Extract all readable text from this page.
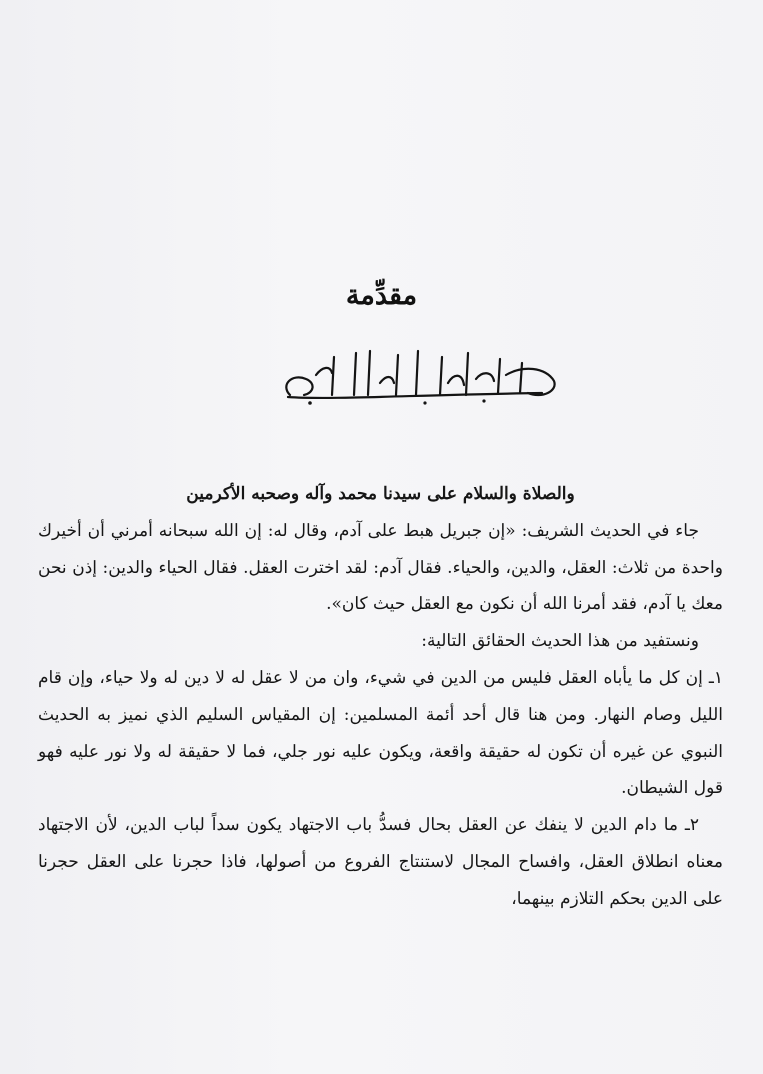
مقدِّمة

والصلاة والسلام على سيدنا محمد وآله وصحبه الأكرمين

جاء في الحديث الشريف: «إن جبريل هبط على آدم، وقال له: إن الله سبحانه أمرني أن أخيرك واحدة من ثلاث: العقل، والدين، والحياء. فقال آدم: لقد اخترت العقل. فقال الحياء والدين: إذن نحن معك يا آدم، فقد أمرنا الله أن نكون مع العقل حيث كان».

ونستفيد من هذا الحديث الحقائق التالية:

١ـ إن كل ما يأباه العقل فليس من الدين في شيء، وان من لا عقل له لا دين له ولا حياء، وإن قام الليل وصام النهار. ومن هنا قال أحد أئمة المسلمين: إن المقياس السليم الذي نميز به الحديث النبوي عن غيره أن تكون له حقيقة واقعة، ويكون عليه نور جلي، فما لا حقيقة له ولا نور عليه فهو قول الشيطان.

٢ـ ما دام الدين لا ينفك عن العقل بحال فسدُّ باب الاجتهاد يكون سداً لباب الدين، لأن الاجتهاد معناه انطلاق العقل، وافساح المجال لاستنتاج الفروع من أصولها، فاذا حجرنا على العقل حجرنا على الدين بحكم التلازم بينهما،
